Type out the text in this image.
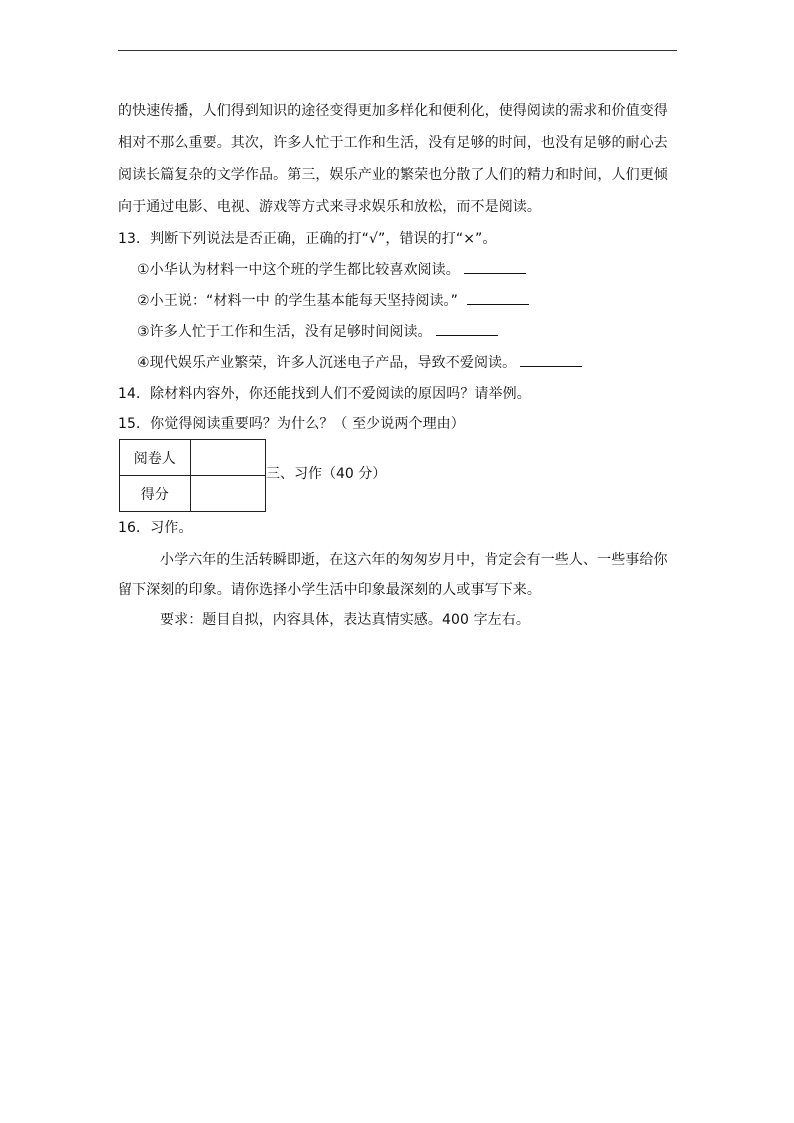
的快速传播，人们得到知识的途径变得更加多样化和便利化，使得阅读的需求和价值变得
相对不那么重要。其次，许多人忙于工作和生活，没有足够的时间，也没有足够的耐心去
阅读长篇复杂的文学作品。第三，娱乐产业的繁荣也分散了人们的精力和时间，人们更倾
向于通过电影、电视、游戏等方式来寻求娱乐和放松，而不是阅读。
13．判断下列说法是否正确，正确的打“√”，错误的打“×”。
①小华认为材料一中这个班的学生都比较喜欢阅读。
②小王说：“材料一中 的学生基本能每天坚持阅读。”
③许多人忙于工作和生活，没有足够时间阅读。
④现代娱乐产业繁荣，许多人沉迷电子产品，导致不爱阅读。
14．除材料内容外，你还能找到人们不爱阅读的原因吗？请举例。
15．你觉得阅读重要吗？为什么？（ 至少说两个理由）
阅卷人	
得分	
三、习作（40 分）
16．习作。
小学六年的生活转瞬即逝，在这六年的匆匆岁月中，肯定会有一些人、一些事给你
留下深刻的印象。请你选择小学生活中印象最深刻的人或事写下来。
要求：题目自拟，内容具体，表达真情实感。400 字左右。
